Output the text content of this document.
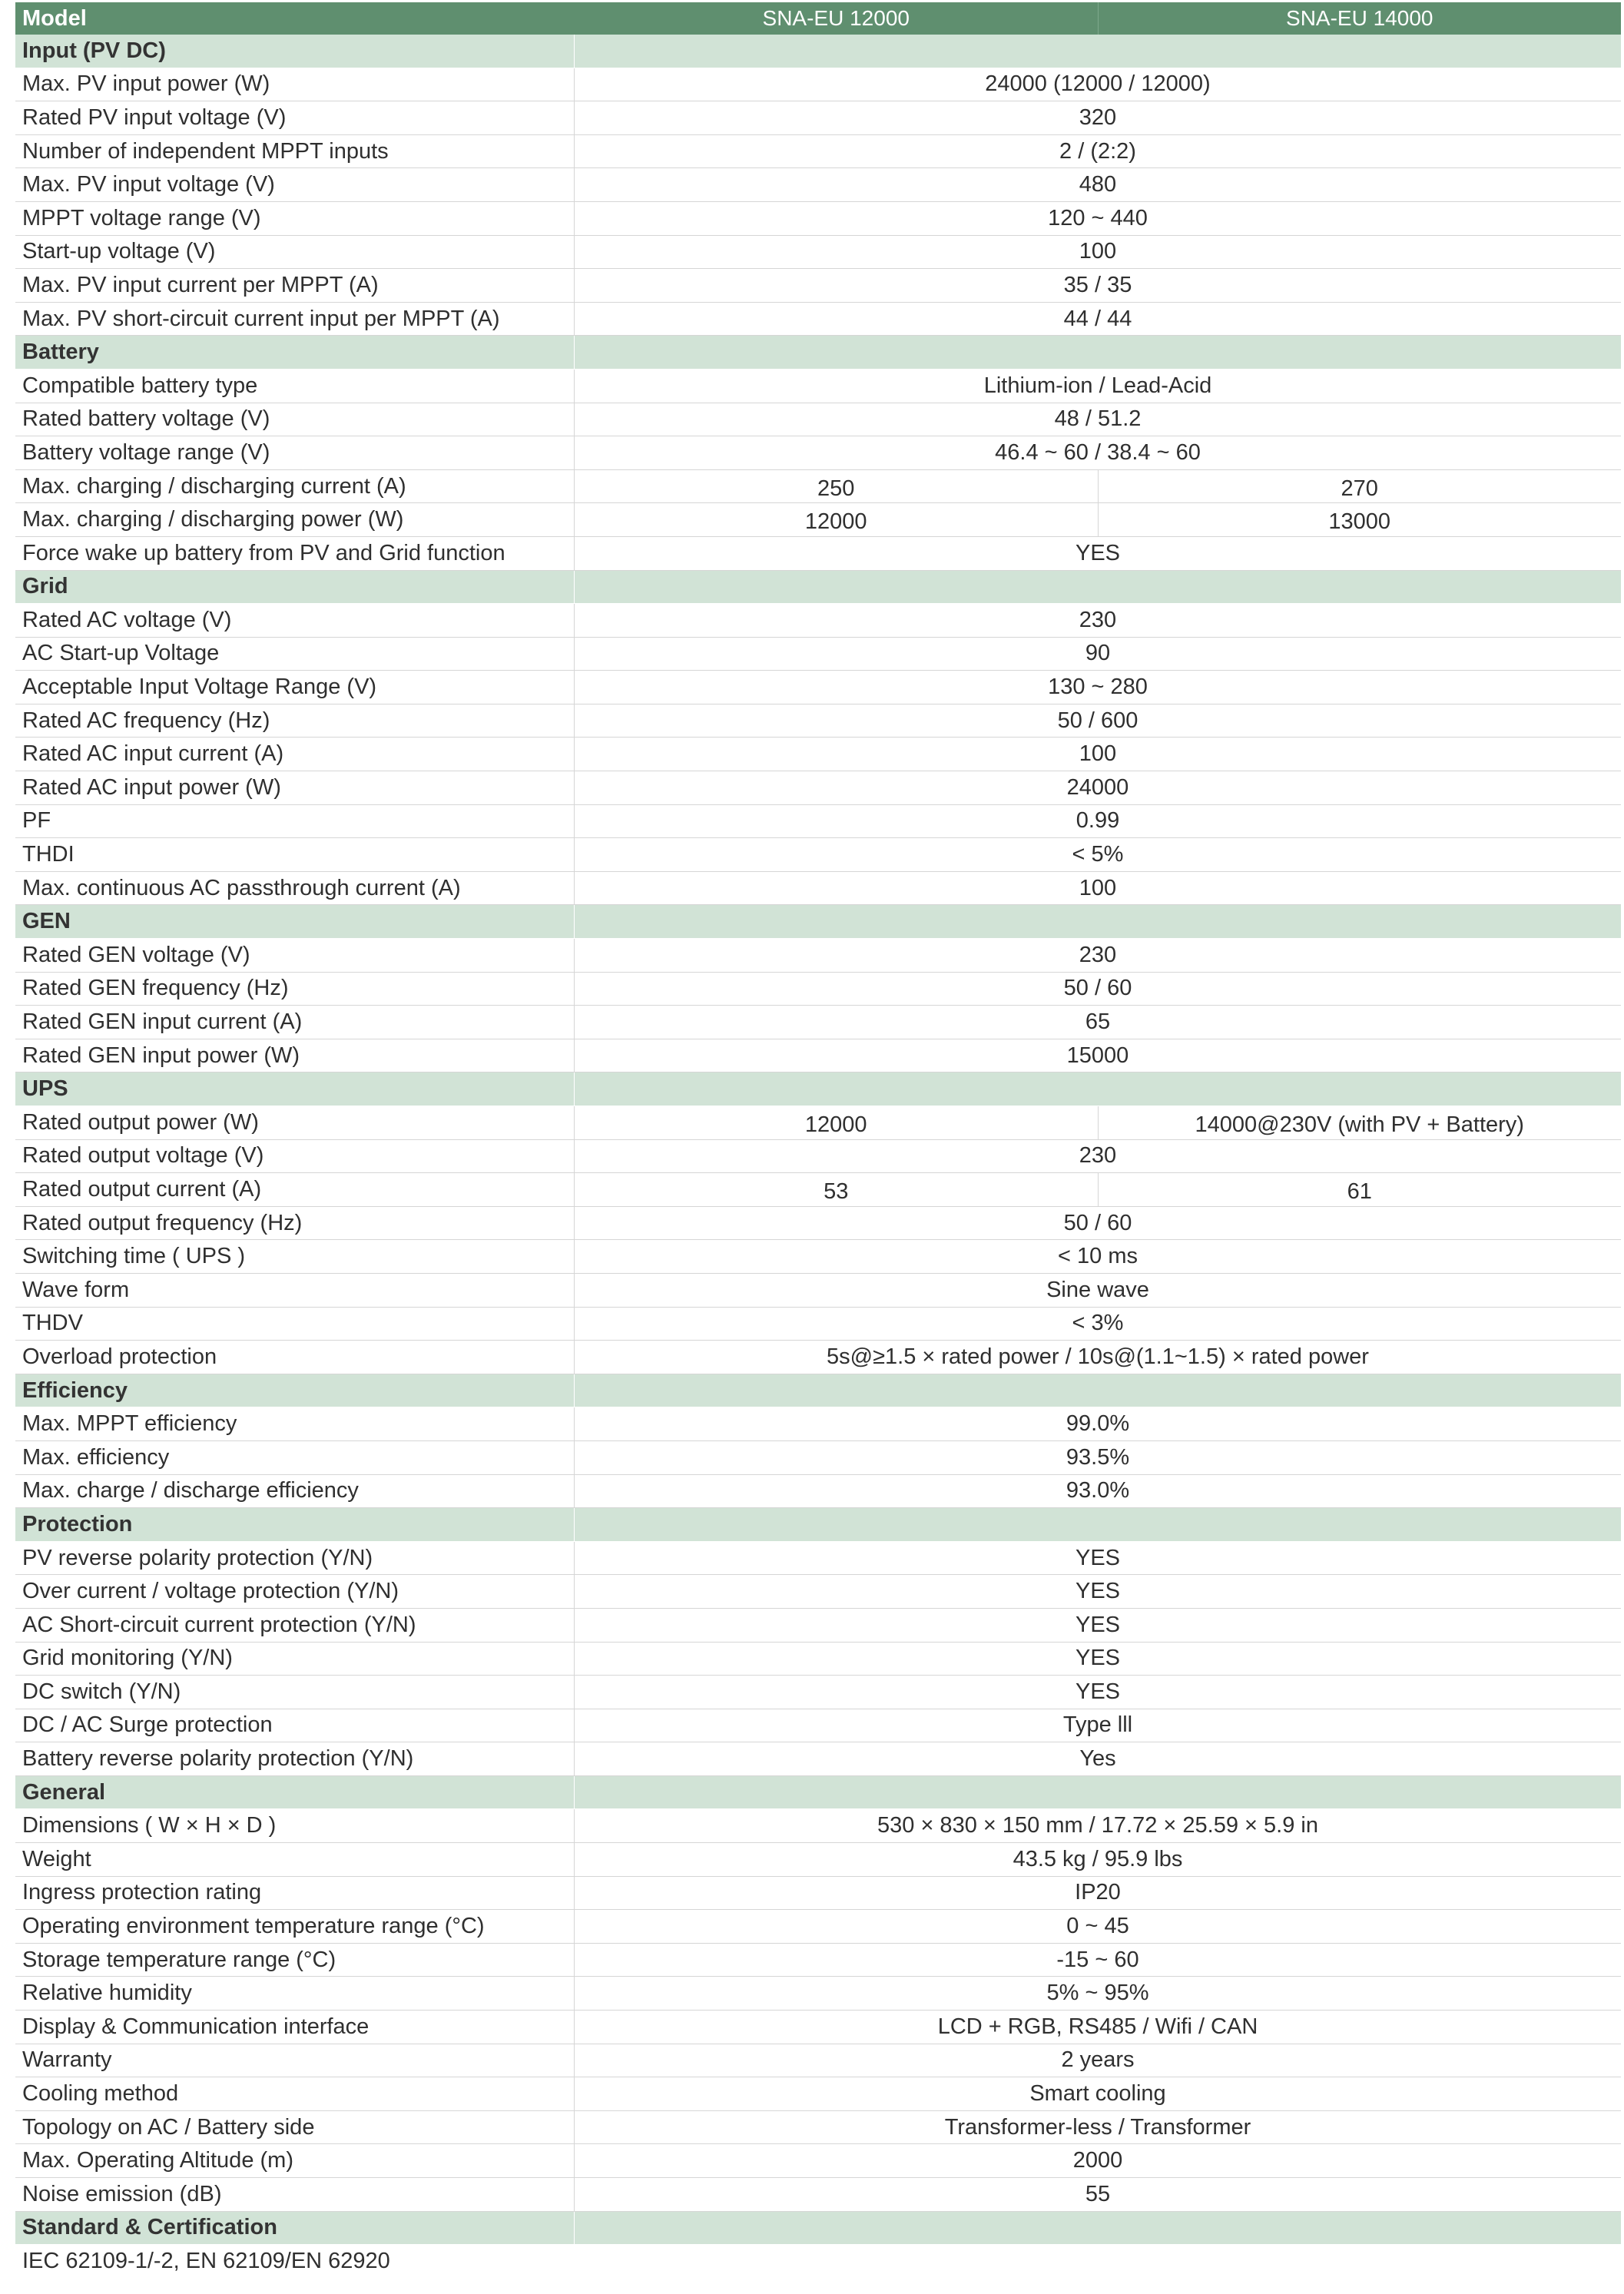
Model	SNA-EU 12000	SNA-EU 14000
Input (PV DC)
Max. PV input power (W)	24000 (12000 / 12000)
Rated PV input voltage (V)	320
Number of independent MPPT inputs	2 / (2:2)
Max. PV input voltage (V)	480
MPPT voltage range (V)	120 ~ 440
Start-up voltage (V)	100
Max. PV input current per MPPT (A)	35 / 35
Max. PV short-circuit current input per MPPT (A)	44 / 44
Battery
Compatible battery type	Lithium-ion / Lead-Acid
Rated battery voltage (V)	48 / 51.2
Battery voltage range (V)	46.4 ~ 60 / 38.4 ~ 60
Max. charging / discharging current (A)	250	270
Max. charging / discharging power (W)	12000	13000
Force wake up battery from PV and Grid function	YES
Grid
Rated AC voltage (V)	230
AC Start-up Voltage	90
Acceptable Input Voltage Range (V)	130 ~ 280
Rated AC frequency (Hz)	50 / 600
Rated AC input current (A)	100
Rated AC input power (W)	24000
PF	0.99
THDI	< 5%
Max. continuous AC passthrough current (A)	100
GEN
Rated GEN voltage (V)	230
Rated GEN frequency (Hz)	50 / 60
Rated GEN input current (A)	65
Rated GEN input power (W)	15000
UPS
Rated output power (W)	12000	14000@230V (with PV + Battery)
Rated output voltage (V)	230
Rated output current (A)	53	61
Rated output frequency (Hz)	50 / 60
Switching time ( UPS )	< 10 ms
Wave form	Sine wave
THDV	< 3%
Overload protection	5s@≥1.5 × rated power / 10s@(1.1~1.5) × rated power
Efficiency
Max. MPPT efficiency	99.0%
Max. efficiency	93.5%
Max. charge / discharge efficiency	93.0%
Protection
PV reverse polarity protection (Y/N)	YES
Over current / voltage protection (Y/N)	YES
AC Short-circuit current protection (Y/N)	YES
Grid monitoring (Y/N)	YES
DC switch (Y/N)	YES
DC / AC Surge protection	Type lll
Battery reverse polarity protection (Y/N)	Yes
General
Dimensions ( W × H × D )	530 × 830 × 150 mm / 17.72 × 25.59 × 5.9 in
Weight	43.5 kg / 95.9 lbs
Ingress protection rating	IP20
Operating environment temperature range (°C)	0 ~ 45
Storage temperature range (°C)	-15 ~ 60
Relative humidity	5% ~ 95%
Display & Communication interface	LCD + RGB, RS485 / Wifi / CAN
Warranty	2 years
Cooling method	Smart cooling
Topology on AC / Battery side	Transformer-less / Transformer
Max. Operating Altitude (m)	2000
Noise emission (dB)	55
Standard & Certification
IEC 62109-1/-2, EN 62109/EN 62920
